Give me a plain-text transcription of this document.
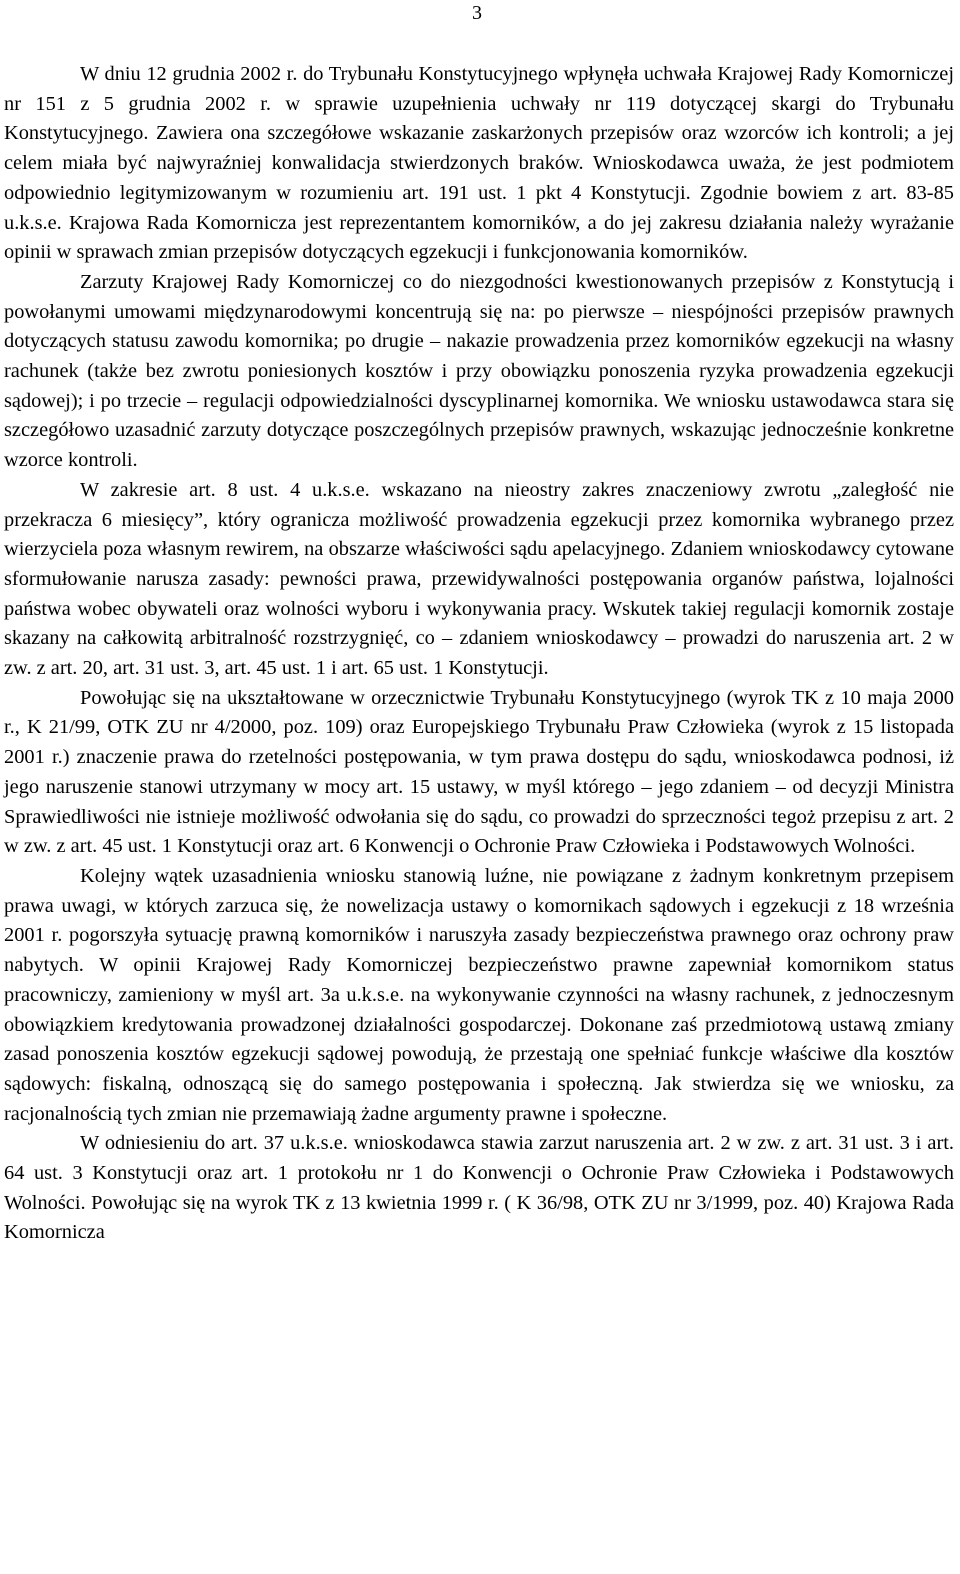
3

W dniu 12 grudnia 2002 r. do Trybunału Konstytucyjnego wpłynęła uchwała Krajowej Rady Komorniczej nr 151 z 5 grudnia 2002 r. w sprawie uzupełnienia uchwały nr 119 dotyczącej skargi do Trybunału Konstytucyjnego. Zawiera ona szczegółowe wskazanie zaskarżonych przepisów oraz wzorców ich kontroli; a jej celem miała być najwyraźniej konwalidacja stwierdzonych braków. Wnioskodawca uważa, że jest podmiotem odpowiednio legitymizowanym w rozumieniu art. 191 ust. 1 pkt 4 Konstytucji. Zgodnie bowiem z art. 83-85 u.k.s.e. Krajowa Rada Komornicza jest reprezentantem komorników, a do jej zakresu działania należy wyrażanie opinii w sprawach zmian przepisów dotyczących egzekucji i funkcjonowania komorników.

Zarzuty Krajowej Rady Komorniczej co do niezgodności kwestionowanych przepisów z Konstytucją i powołanymi umowami międzynarodowymi koncentrują się na: po pierwsze – niespójności przepisów prawnych dotyczących statusu zawodu komornika; po drugie – nakazie prowadzenia przez komorników egzekucji na własny rachunek (także bez zwrotu poniesionych kosztów i przy obowiązku ponoszenia ryzyka prowadzenia egzekucji sądowej); i po trzecie – regulacji odpowiedzialności dyscyplinarnej komornika. We wniosku ustawodawca stara się szczegółowo uzasadnić zarzuty dotyczące poszczególnych przepisów prawnych, wskazując jednocześnie konkretne wzorce kontroli.

W zakresie art. 8 ust. 4 u.k.s.e. wskazano na nieostry zakres znaczeniowy zwrotu „zaległość nie przekracza 6 miesięcy”, który ogranicza możliwość prowadzenia egzekucji przez komornika wybranego przez wierzyciela poza własnym rewirem, na obszarze właściwości sądu apelacyjnego. Zdaniem wnioskodawcy cytowane sformułowanie narusza zasady: pewności prawa, przewidywalności postępowania organów państwa, lojalności państwa wobec obywateli oraz wolności wyboru i wykonywania pracy. Wskutek takiej regulacji komornik zostaje skazany na całkowitą arbitralność rozstrzygnięć, co – zdaniem wnioskodawcy – prowadzi do naruszenia art. 2 w zw. z art. 20, art. 31 ust. 3, art. 45 ust. 1 i art. 65 ust. 1 Konstytucji.

Powołując się na ukształtowane w orzecznictwie Trybunału Konstytucyjnego (wyrok TK z 10 maja 2000 r., K 21/99, OTK ZU nr 4/2000, poz. 109) oraz Europejskiego Trybunału Praw Człowieka (wyrok z 15 listopada 2001 r.) znaczenie prawa do rzetelności postępowania, w tym prawa dostępu do sądu, wnioskodawca podnosi, iż jego naruszenie stanowi utrzymany w mocy art. 15 ustawy, w myśl którego – jego zdaniem – od decyzji Ministra Sprawiedliwości nie istnieje możliwość odwołania się do sądu, co prowadzi do sprzeczności tegoż przepisu z art. 2 w zw. z art. 45 ust. 1 Konstytucji oraz art. 6 Konwencji o Ochronie Praw Człowieka i Podstawowych Wolności.

Kolejny wątek uzasadnienia wniosku stanowią luźne, nie powiązane z żadnym konkretnym przepisem prawa uwagi, w których zarzuca się, że nowelizacja ustawy o komornikach sądowych i egzekucji z 18 września 2001 r. pogorszyła sytuację prawną komorników i naruszyła zasady bezpieczeństwa prawnego oraz ochrony praw nabytych. W opinii Krajowej Rady Komorniczej bezpieczeństwo prawne zapewniał komornikom status pracowniczy, zamieniony w myśl art. 3a u.k.s.e. na wykonywanie czynności na własny rachunek, z jednoczesnym obowiązkiem kredytowania prowadzonej działalności gospodarczej. Dokonane zaś przedmiotową ustawą zmiany zasad ponoszenia kosztów egzekucji sądowej powodują, że przestają one spełniać funkcje właściwe dla kosztów sądowych: fiskalną, odnoszącą się do samego postępowania i społeczną. Jak stwierdza się we wniosku, za racjonalnością tych zmian nie przemawiają żadne argumenty prawne i społeczne.

W odniesieniu do art. 37 u.k.s.e. wnioskodawca stawia zarzut naruszenia art. 2 w zw. z art. 31 ust. 3 i art. 64 ust. 3 Konstytucji oraz art. 1 protokołu nr 1 do Konwencji o Ochronie Praw Człowieka i Podstawowych Wolności. Powołując się na wyrok TK z 13 kwietnia 1999 r. ( K 36/98, OTK ZU nr 3/1999, poz. 40) Krajowa Rada Komornicza
